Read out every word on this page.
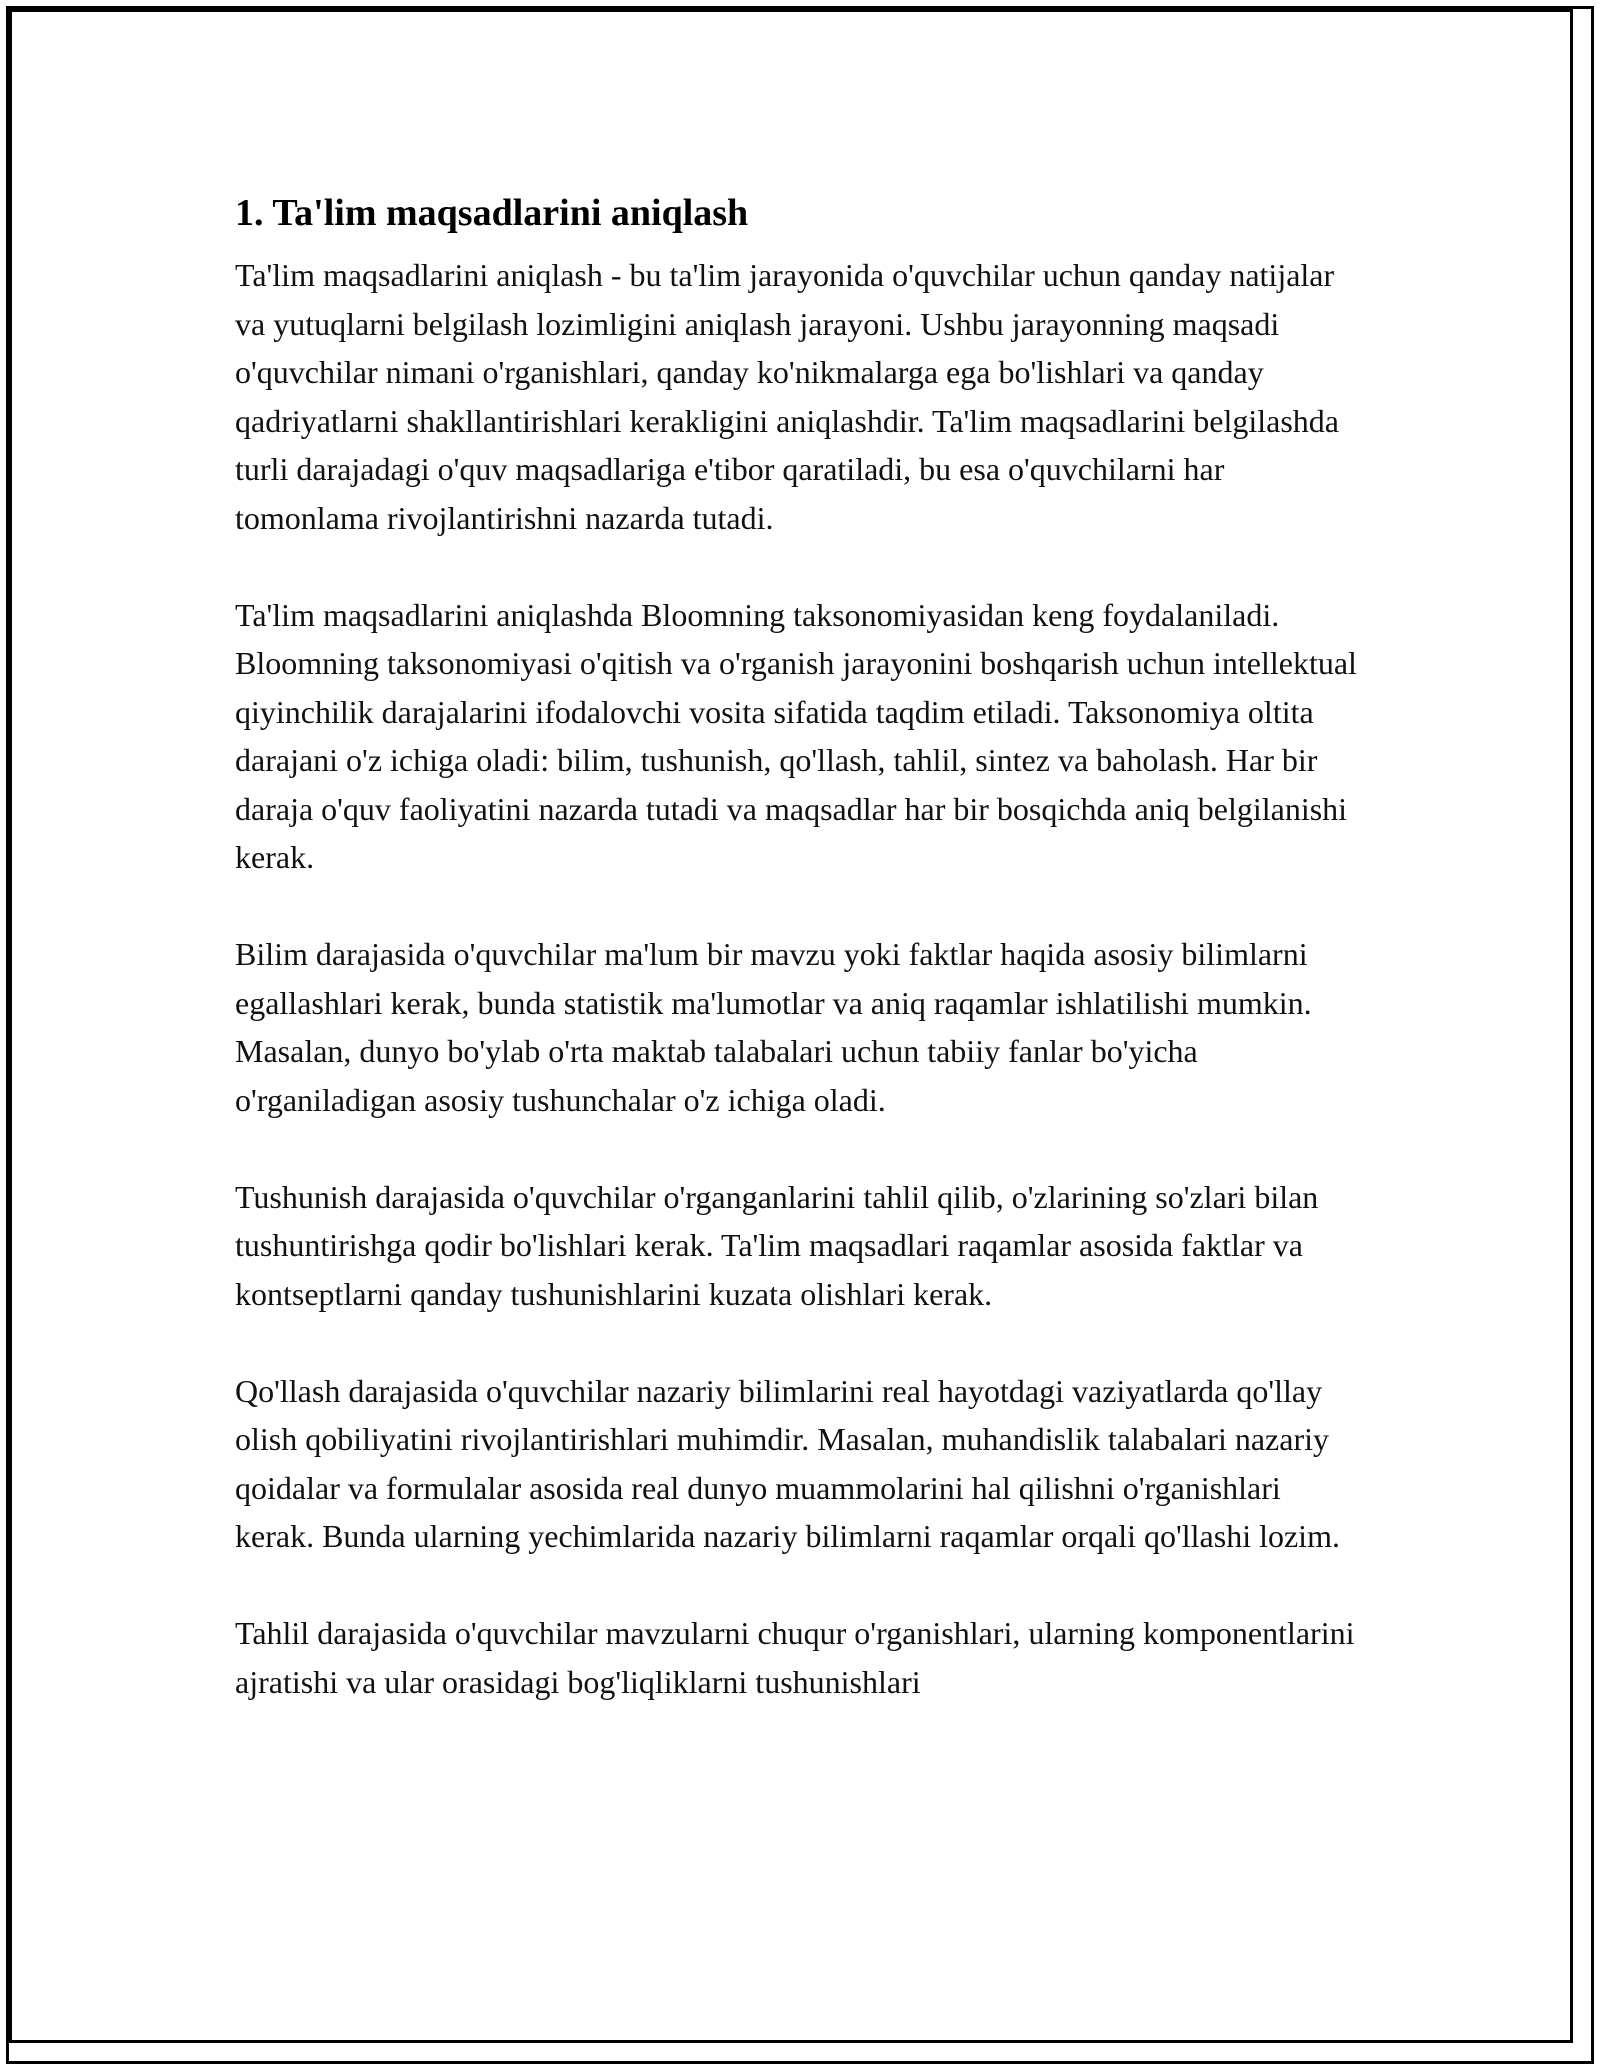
1. Ta'lim maqsadlarini aniqlash

Ta'lim maqsadlarini aniqlash - bu ta'lim jarayonida o'quvchilar uchun qanday natijalar va yutuqlarni belgilash lozimligini aniqlash jarayoni. Ushbu jarayonning maqsadi o'quvchilar nimani o'rganishlari, qanday ko'nikmalarga ega bo'lishlari va qanday qadriyatlarni shakllantirishlari kerakligini aniqlashdir. Ta'lim maqsadlarini belgilashda turli darajadagi o'quv maqsadlariga e'tibor qaratiladi, bu esa o'quvchilarni har tomonlama rivojlantirishni nazarda tutadi.

Ta'lim maqsadlarini aniqlashda Bloomning taksonomiyasidan keng foydalaniladi. Bloomning taksonomiyasi o'qitish va o'rganish jarayonini boshqarish uchun intellektual qiyinchilik darajalarini ifodalovchi vosita sifatida taqdim etiladi. Taksonomiya oltita darajani o'z ichiga oladi: bilim, tushunish, qo'llash, tahlil, sintez va baholash. Har bir daraja o'quv faoliyatini nazarda tutadi va maqsadlar har bir bosqichda aniq belgilanishi kerak.

Bilim darajasida o'quvchilar ma'lum bir mavzu yoki faktlar haqida asosiy bilimlarni egallashlari kerak, bunda statistik ma'lumotlar va aniq raqamlar ishlatilishi mumkin. Masalan, dunyo bo'ylab o'rta maktab talabalari uchun tabiiy fanlar bo'yicha o'rganiladigan asosiy tushunchalar o'z ichiga oladi.

Tushunish darajasida o'quvchilar o'rganganlarini tahlil qilib, o'zlarining so'zlari bilan tushuntirishga qodir bo'lishlari kerak. Ta'lim maqsadlari raqamlar asosida faktlar va kontseptlarni qanday tushunishlarini kuzata olishlari kerak.

Qo'llash darajasida o'quvchilar nazariy bilimlarini real hayotdagi vaziyatlarda qo'llay olish qobiliyatini rivojlantirishlari muhimdir. Masalan, muhandislik talabalari nazariy qoidalar va formulalar asosida real dunyo muammolarini hal qilishni o'rganishlari kerak. Bunda ularning yechimlarida nazariy bilimlarni raqamlar orqali qo'llashi lozim.

Tahlil darajasida o'quvchilar mavzularni chuqur o'rganishlari, ularning komponentlarini ajratishi va ular orasidagi bog'liqliklarni tushunishlari
